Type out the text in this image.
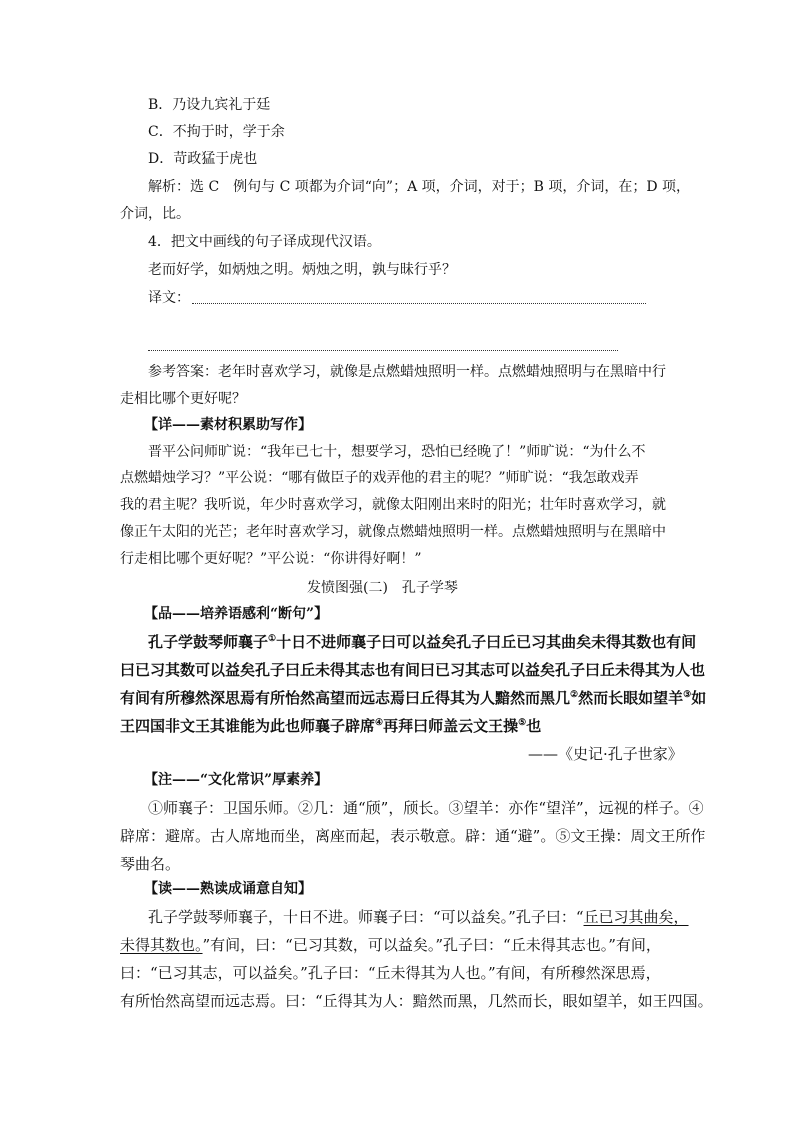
B．乃设九宾礼于廷
C．不拘于时，学于余
D．苛政猛于虎也
解析：选 C　例句与 C 项都为介词“向”；A 项，介词，对于；B 项，介词，在；D 项，
介词，比。
4．把文中画线的句子译成现代汉语。
老而好学，如炳烛之明。炳烛之明，孰与昧行乎？
译文：
参考答案：老年时喜欢学习，就像是点燃蜡烛照明一样。点燃蜡烛照明与在黑暗中行
走相比哪个更好呢？
【详——素材积累助写作】
晋平公问师旷说：“我年已七十，想要学习，恐怕已经晚了！”师旷说：“为什么不
点燃蜡烛学习？”平公说：“哪有做臣子的戏弄他的君主的呢？”师旷说：“我怎敢戏弄
我的君主呢？我听说，年少时喜欢学习，就像太阳刚出来时的阳光；壮年时喜欢学习，就
像正午太阳的光芒；老年时喜欢学习，就像点燃蜡烛照明一样。点燃蜡烛照明与在黑暗中
行走相比哪个更好呢？”平公说：“你讲得好啊！”
发愤图强(二)　孔子学琴
【品——培养语感利“断句”】
孔子学鼓琴师襄子①十日不进师襄子曰可以益矣孔子曰丘已习其曲矣未得其数也有间
曰已习其数可以益矣孔子曰丘未得其志也有间曰已习其志可以益矣孔子曰丘未得其为人也
有间有所穆然深思焉有所怡然高望而远志焉曰丘得其为人黯然而黑几②然而长眼如望羊③如
王四国非文王其谁能为此也师襄子辟席④再拜曰师盖云文王操⑤也
——《史记·孔子世家》
【注——“文化常识”厚素养】
①师襄子：卫国乐师。②几：通“颀”，颀长。③望羊：亦作“望洋”，远视的样子。④
辟席：避席。古人席地而坐，离座而起，表示敬意。辟：通“避”。⑤文王操：周文王所作
琴曲名。
【读——熟读成诵意自知】
孔子学鼓琴师襄子，十日不进。师襄子曰：“可以益矣。”孔子曰：“丘已习其曲矣，
未得其数也。”有间，曰：“已习其数，可以益矣。”孔子曰：“丘未得其志也。”有间，
曰：“已习其志，可以益矣。”孔子曰：“丘未得其为人也。”有间，有所穆然深思焉，
有所怡然高望而远志焉。曰：“丘得其为人：黯然而黑，几然而长，眼如望羊，如王四国。
